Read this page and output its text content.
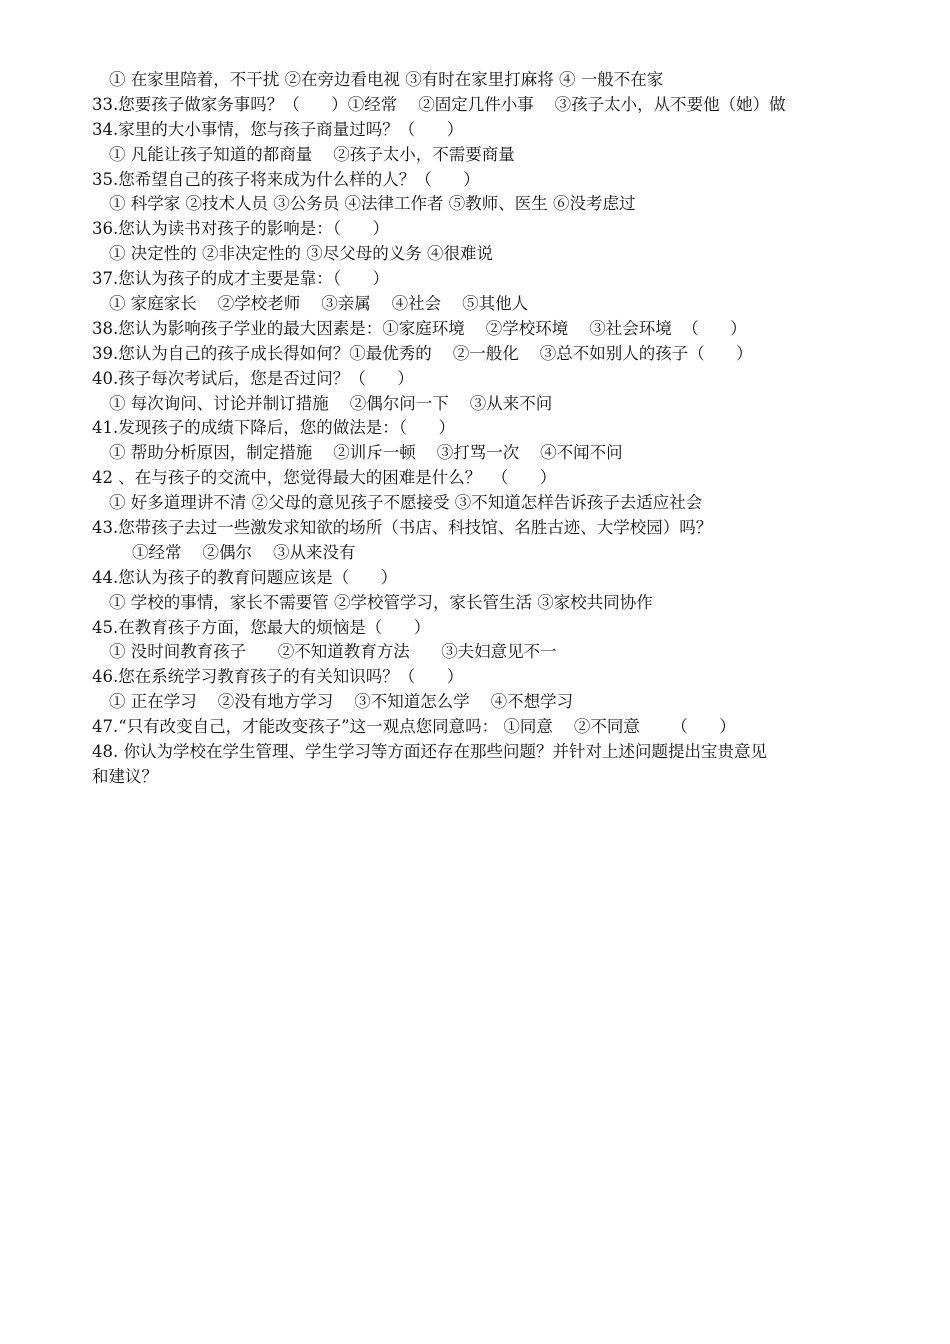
① 在家里陪着，不干扰 ②在旁边看电视 ③有时在家里打麻将 ④ 一般不在家
33.您要孩子做家务事吗？（      ）①经常    ②固定几件小事    ③孩子太小，从不要他（她）做
34.家里的大小事情，您与孩子商量过吗？（      ）
① 凡能让孩子知道的都商量    ②孩子太小，不需要商量
35.您希望自己的孩子将来成为什么样的人？（      ）
① 科学家 ②技术人员 ③公务员 ④法律工作者 ⑤教师、医生 ⑥没考虑过
36.您认为读书对孩子的影响是：（      ）
① 决定性的 ②非决定性的 ③尽父母的义务 ④很难说
37.您认为孩子的成才主要是靠：（      ）
① 家庭家长    ②学校老师    ③亲属    ④社会    ⑤其他人
38.您认为影响孩子学业的最大因素是：①家庭环境    ②学校环境    ③社会环境  （      ）
39.您认为自己的孩子成长得如何？①最优秀的    ②一般化    ③总不如别人的孩子（      ）
40.孩子每次考试后，您是否过问？（      ）
① 每次询问、讨论并制订措施    ②偶尔问一下    ③从来不问
41.发现孩子的成绩下降后，您的做法是：（      ）
① 帮助分析原因，制定措施    ②训斥一顿    ③打骂一次    ④不闻不问
42 、在与孩子的交流中，您觉得最大的困难是什么？  （      ）
① 好多道理讲不清 ②父母的意见孩子不愿接受 ③不知道怎样告诉孩子去适应社会
43.您带孩子去过一些激发求知欲的场所（书店、科技馆、名胜古迹、大学校园）吗？
①经常    ②偶尔    ③从来没有
44.您认为孩子的教育问题应该是（      ）
① 学校的事情，家长不需要管 ②学校管学习，家长管生活 ③家校共同协作
45.在教育孩子方面，您最大的烦恼是（      ）
① 没时间教育孩子      ②不知道教育方法      ③夫妇意见不一
46.您在系统学习教育孩子的有关知识吗？（      ）
① 正在学习    ②没有地方学习    ③不知道怎么学    ④不想学习
47.“只有改变自己，才能改变孩子”这一观点您同意吗： ①同意    ②不同意      （      ）
48. 你认为学校在学生管理、学生学习等方面还存在那些问题？并针对上述问题提出宝贵意见
和建议？
